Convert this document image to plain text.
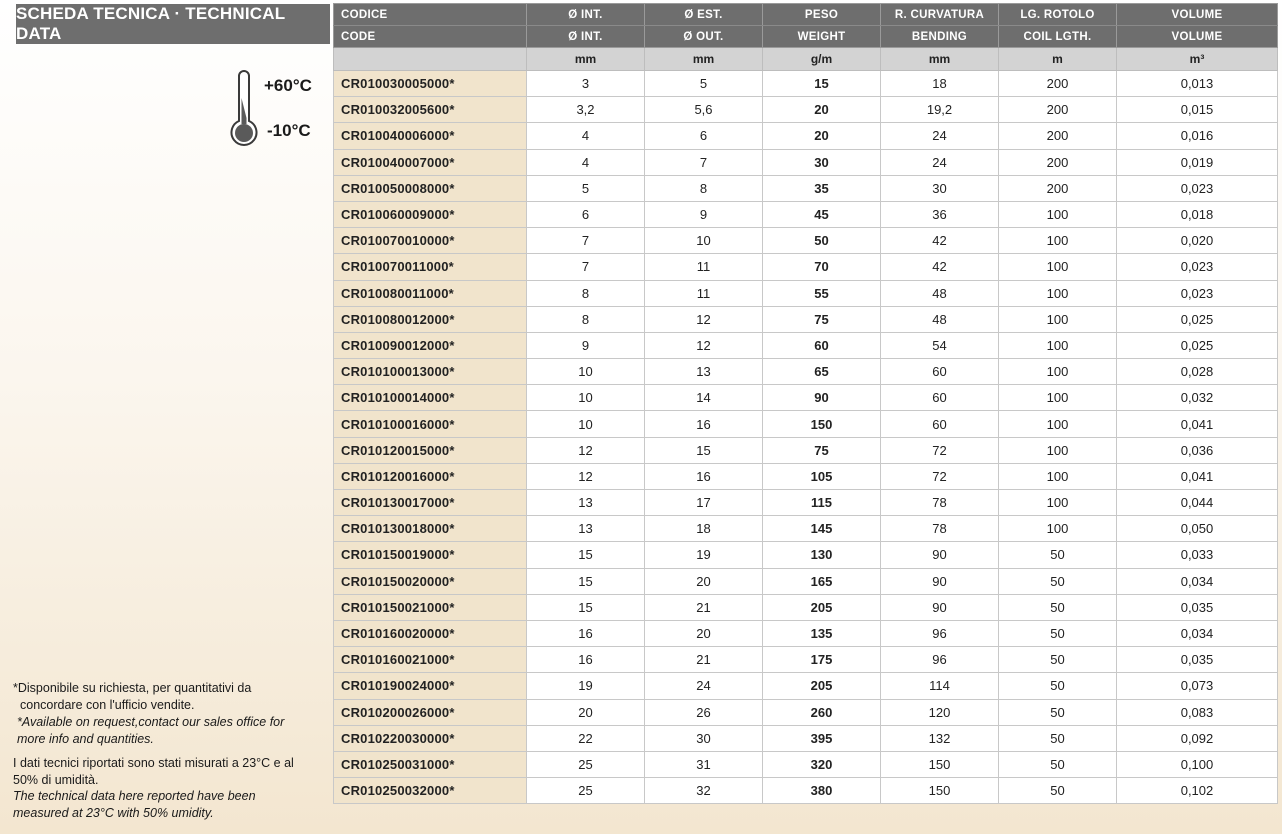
SCHEDA TECNICA · TECHNICAL DATA
+60°C
-10°C

*Disponibile su richiesta, per quantitativi da concordare con l'ufficio vendite.

*Available on request,contact our sales office for more info and quantities.

I dati tecnici riportati sono stati misurati a 23°C e al 50% di umidità.

The technical data here reported have been measured at 23°C with 50% umidity.

CODICE	Ø INT.	Ø EST.	PESO	R. CURVATURA	LG. ROTOLO	VOLUME
CODE	Ø INT.	Ø OUT.	WEIGHT	BENDING	COIL LGTH.	VOLUME
	mm	mm	g/m	mm	m	m³
CR010030005000*	3	5	15	18	200	0,013
CR010032005600*	3,2	5,6	20	19,2	200	0,015
CR010040006000*	4	6	20	24	200	0,016
CR010040007000*	4	7	30	24	200	0,019
CR010050008000*	5	8	35	30	200	0,023
CR010060009000*	6	9	45	36	100	0,018
CR010070010000*	7	10	50	42	100	0,020
CR010070011000*	7	11	70	42	100	0,023
CR010080011000*	8	11	55	48	100	0,023
CR010080012000*	8	12	75	48	100	0,025
CR010090012000*	9	12	60	54	100	0,025
CR010100013000*	10	13	65	60	100	0,028
CR010100014000*	10	14	90	60	100	0,032
CR010100016000*	10	16	150	60	100	0,041
CR010120015000*	12	15	75	72	100	0,036
CR010120016000*	12	16	105	72	100	0,041
CR010130017000*	13	17	115	78	100	0,044
CR010130018000*	13	18	145	78	100	0,050
CR010150019000*	15	19	130	90	50	0,033
CR010150020000*	15	20	165	90	50	0,034
CR010150021000*	15	21	205	90	50	0,035
CR010160020000*	16	20	135	96	50	0,034
CR010160021000*	16	21	175	96	50	0,035
CR010190024000*	19	24	205	114	50	0,073
CR010200026000*	20	26	260	120	50	0,083
CR010220030000*	22	30	395	132	50	0,092
CR010250031000*	25	31	320	150	50	0,100
CR010250032000*	25	32	380	150	50	0,102
